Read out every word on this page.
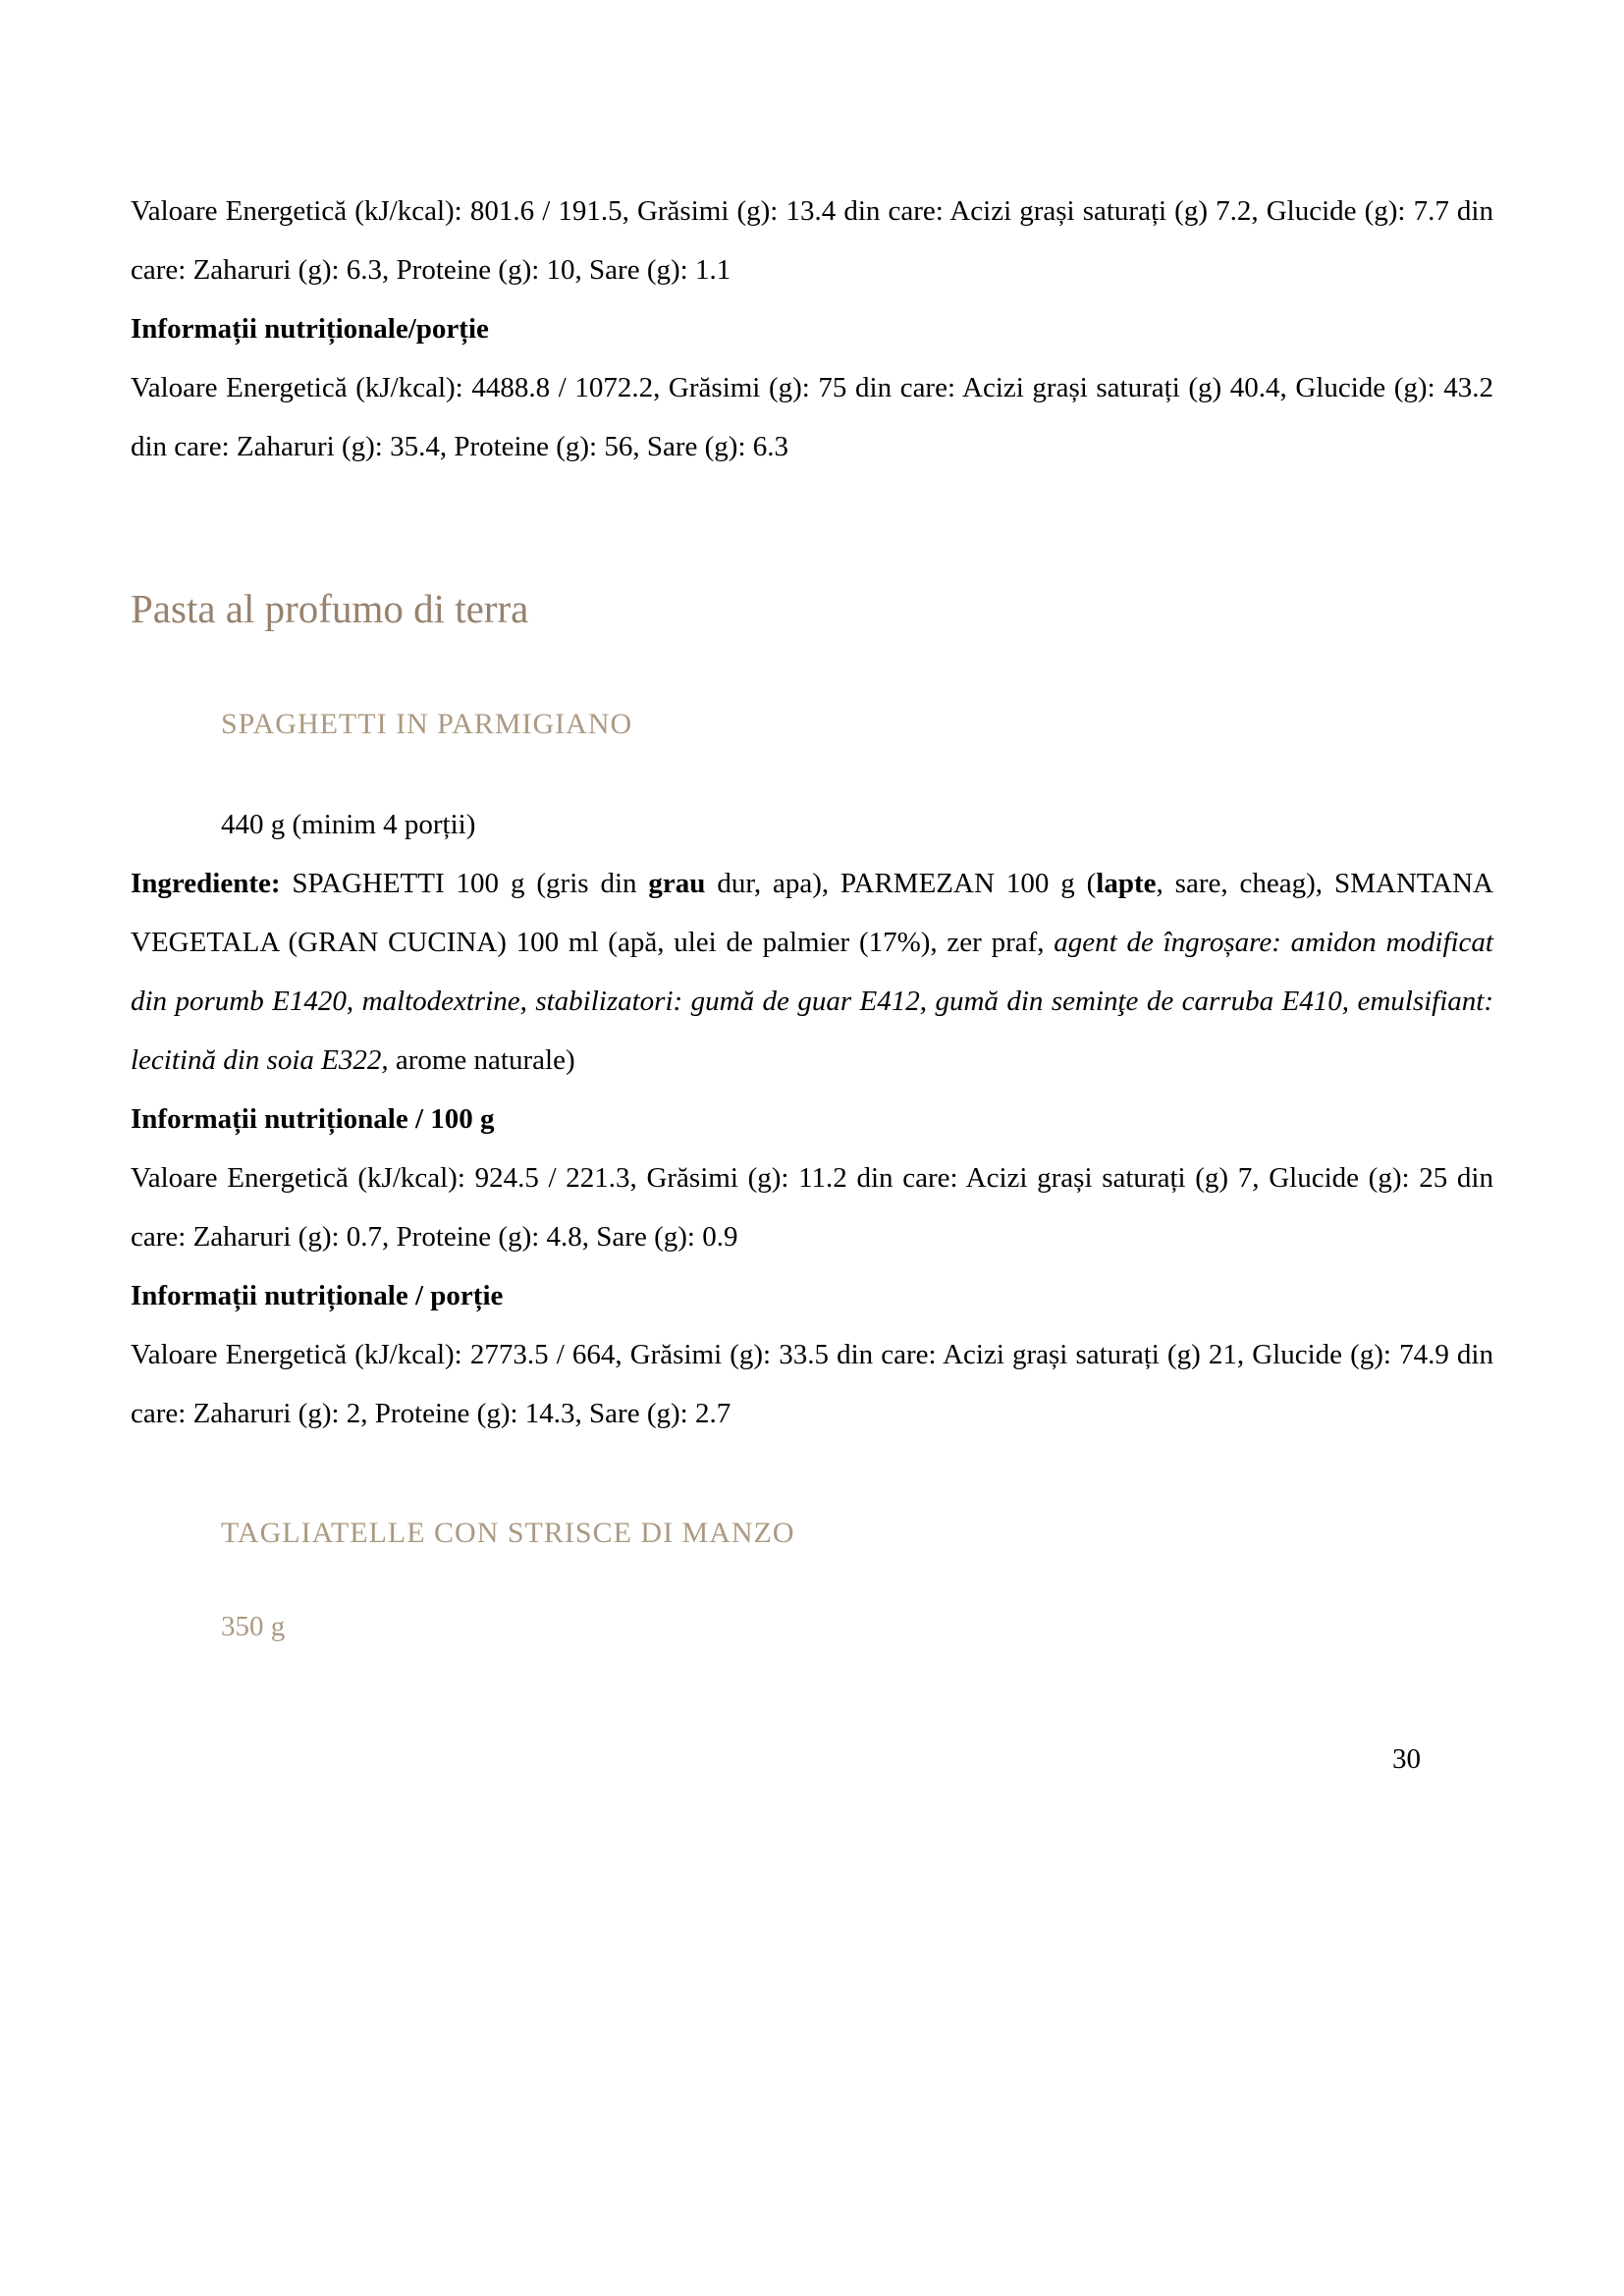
Valoare Energetică (kJ/kcal): 801.6 / 191.5, Grăsimi (g): 13.4 din care: Acizi grași saturați (g) 7.2, Glucide (g): 7.7 din care: Zaharuri (g): 6.3, Proteine (g): 10, Sare (g): 1.1

Informații nutriționale/porție

Valoare Energetică (kJ/kcal): 4488.8 / 1072.2, Grăsimi (g): 75 din care: Acizi grași saturați (g) 40.4, Glucide (g): 43.2 din care: Zaharuri (g): 35.4, Proteine (g): 56, Sare (g): 6.3

Pasta al profumo di terra
SPAGHETTI IN PARMIGIANO

440 g (minim 4 porții)

Ingrediente: SPAGHETTI 100 g (gris din grau dur, apa), PARMEZAN 100 g (lapte, sare, cheag), SMANTANA VEGETALA (GRAN CUCINA) 100 ml (apă, ulei de palmier (17%), zer praf, agent de îngroșare: amidon modificat din porumb E1420, maltodextrine, stabilizatori: gumă de guar E412, gumă din seminţe de carruba E410, emulsifiant: lecitină din soia E322, arome naturale)

Informații nutriționale / 100 g

Valoare Energetică (kJ/kcal): 924.5 / 221.3, Grăsimi (g): 11.2 din care: Acizi grași saturați (g) 7, Glucide (g): 25 din care: Zaharuri (g): 0.7, Proteine (g): 4.8, Sare (g): 0.9

Informații nutriționale / porție

Valoare Energetică (kJ/kcal): 2773.5 / 664, Grăsimi (g): 33.5 din care: Acizi grași saturați (g) 21, Glucide (g): 74.9 din care: Zaharuri (g): 2, Proteine (g): 14.3, Sare (g): 2.7

TAGLIATELLE CON STRISCE DI MANZO

350 g

30
